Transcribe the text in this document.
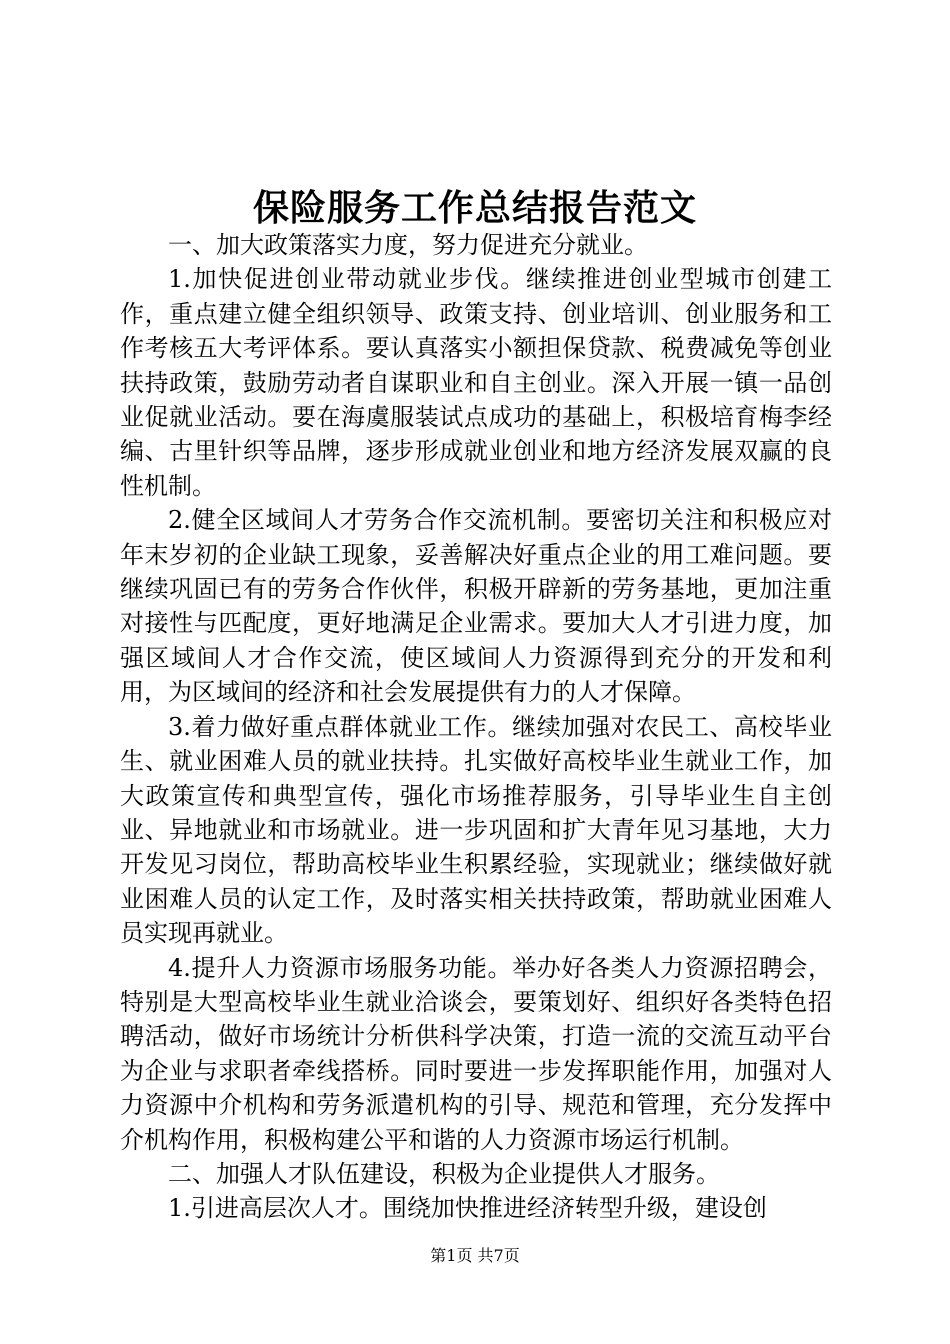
保险服务工作总结报告范文

一、加大政策落实力度，努力促进充分就业。

1.加快促进创业带动就业步伐。继续推进创业型城市创建工作，重点建立健全组织领导、政策支持、创业培训、创业服务和工作考核五大考评体系。要认真落实小额担保贷款、税费减免等创业扶持政策，鼓励劳动者自谋职业和自主创业。深入开展一镇一品创业促就业活动。要在海虞服装试点成功的基础上，积极培育梅李经编、古里针织等品牌，逐步形成就业创业和地方经济发展双赢的良性机制。

2.健全区域间人才劳务合作交流机制。要密切关注和积极应对年末岁初的企业缺工现象，妥善解决好重点企业的用工难问题。要继续巩固已有的劳务合作伙伴，积极开辟新的劳务基地，更加注重对接性与匹配度，更好地满足企业需求。要加大人才引进力度，加强区域间人才合作交流，使区域间人力资源得到充分的开发和利用，为区域间的经济和社会发展提供有力的人才保障。

3.着力做好重点群体就业工作。继续加强对农民工、高校毕业生、就业困难人员的就业扶持。扎实做好高校毕业生就业工作，加大政策宣传和典型宣传，强化市场推荐服务，引导毕业生自主创业、异地就业和市场就业。进一步巩固和扩大青年见习基地，大力开发见习岗位，帮助高校毕业生积累经验，实现就业；继续做好就业困难人员的认定工作，及时落实相关扶持政策，帮助就业困难人员实现再就业。

4.提升人力资源市场服务功能。举办好各类人力资源招聘会，特别是大型高校毕业生就业洽谈会，要策划好、组织好各类特色招聘活动，做好市场统计分析供科学决策，打造一流的交流互动平台为企业与求职者牵线搭桥。同时要进一步发挥职能作用，加强对人力资源中介机构和劳务派遣机构的引导、规范和管理，充分发挥中介机构作用，积极构建公平和谐的人力资源市场运行机制。

二、加强人才队伍建设，积极为企业提供人才服务。

1.引进高层次人才。围绕加快推进经济转型升级，建设创

第1页 共7页
